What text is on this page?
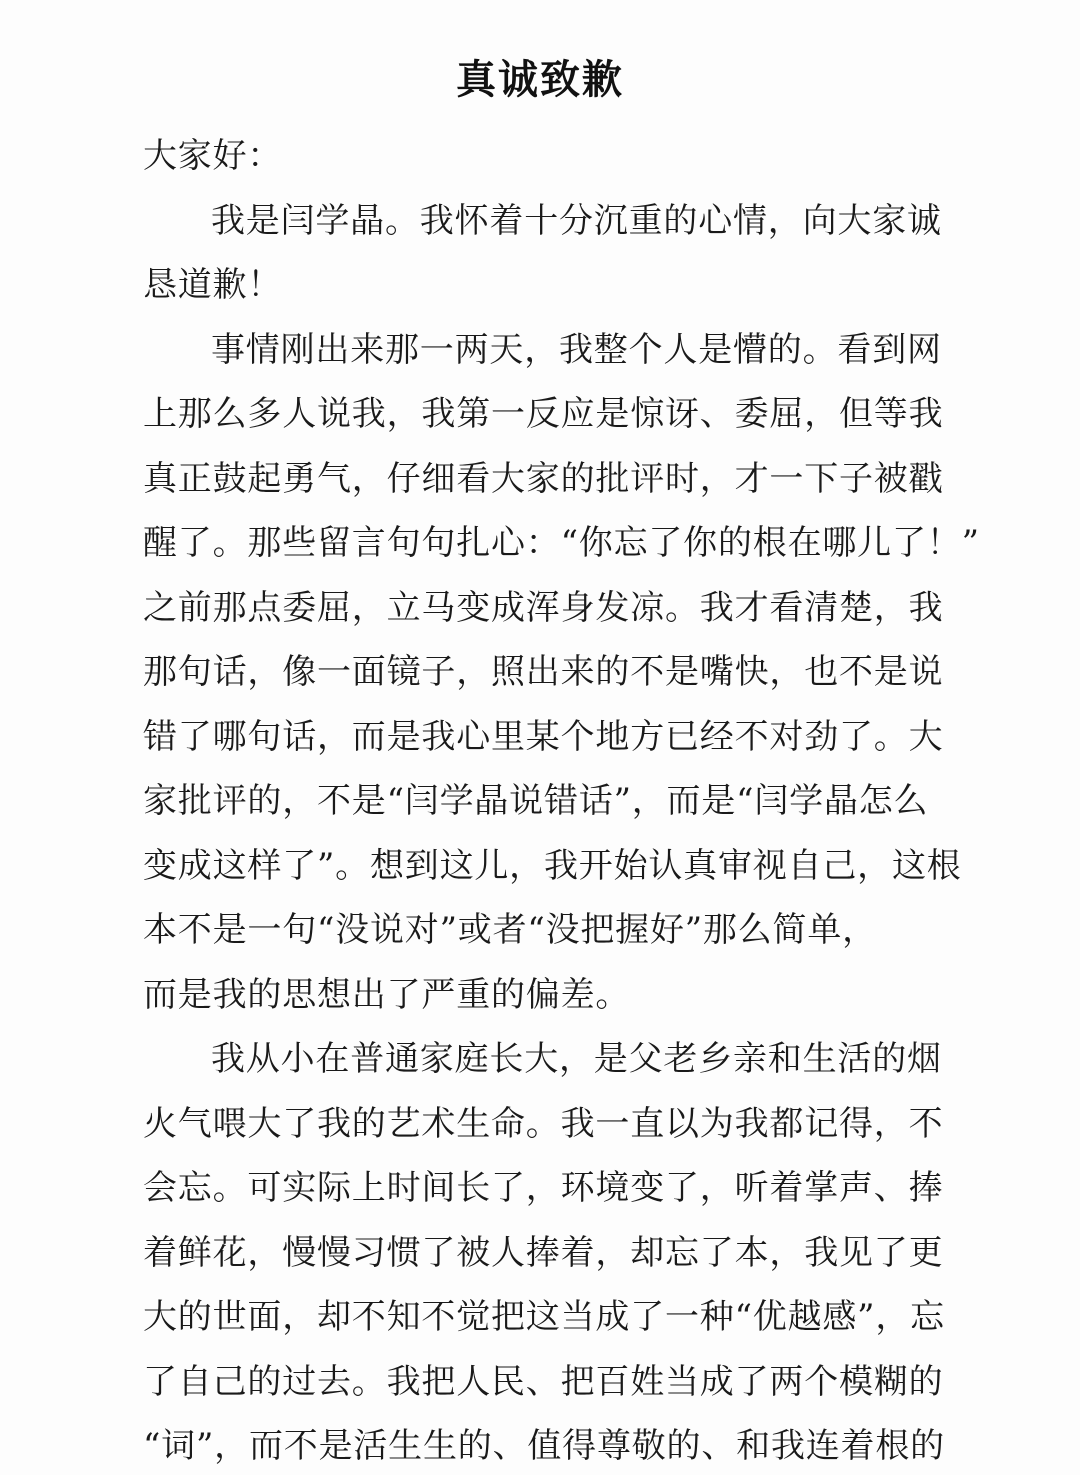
真诚致歉
大家好：
我是闫学晶。我怀着十分沉重的心情，向大家诚
恳道歉！
事情刚出来那一两天，我整个人是懵的。看到网
上那么多人说我，我第一反应是惊讶、委屈，但等我
真正鼓起勇气，仔细看大家的批评时，才一下子被戳
醒了。那些留言句句扎心：“你忘了你的根在哪儿了！”
之前那点委屈，立马变成浑身发凉。我才看清楚，我
那句话，像一面镜子，照出来的不是嘴快，也不是说
错了哪句话，而是我心里某个地方已经不对劲了。大
家批评的，不是“闫学晶说错话”，而是“闫学晶怎么
变成这样了”。想到这儿，我开始认真审视自己，这根
本不是一句“没说对”或者“没把握好”那么简单，
而是我的思想出了严重的偏差。
我从小在普通家庭长大，是父老乡亲和生活的烟
火气喂大了我的艺术生命。我一直以为我都记得，不
会忘。可实际上时间长了，环境变了，听着掌声、捧
着鲜花，慢慢习惯了被人捧着，却忘了本，我见了更
大的世面，却不知不觉把这当成了一种“优越感”，忘
了自己的过去。我把人民、把百姓当成了两个模糊的
“词”，而不是活生生的、值得尊敬的、和我连着根的
